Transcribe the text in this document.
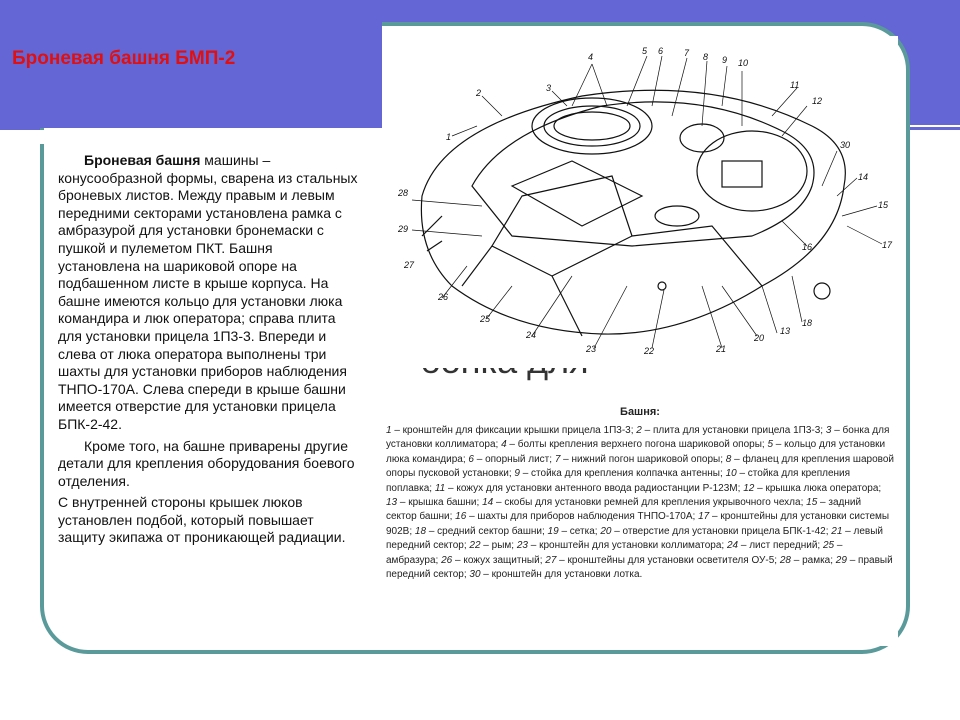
Броневая башня БМП-2

Броневая башня машины – конусообразной формы, сварена из стальных броневых листов. Между правым и левым передними секторами установлена рамка с амбразурой для установки бронемаски с пушкой и пулеметом ПКТ. Башня установлена на шариковой опоре на подбашенном листе в крыше корпуса. На башне имеются кольцо для установки люка командира и люк оператора; справа плита для установки прицела 1П3-3. Впереди и слева от люка оператора выполнены три шахты для установки приборов наблюдения ТНПО-170А. Слева спереди в крыше башни имеется отверстие для установки прицела БПК-2-42.

Кроме того, на башне приварены другие детали для крепления оборудования боевого отделения.

С внутренней стороны крышек люков установлен подбой, который повышает защиту экипажа от проникающей радиации.

1
2	3
4
5 6 7 8 9 10
11
12
13
14
15
16	17
18
20
21
22
23
24
25
26
27
28
29
30
Башня:
1 – кронштейн для фиксации крышки прицела 1П3-3; 2 – плита для установки прицела 1П3-3; 3 – бонка для установки коллиматора; 4 – болты крепления верхнего погона шариковой опоры; 5 – кольцо для установки люка командира; 6 – опорный лист; 7 – нижний погон шариковой опоры; 8 – фланец для крепления шаровой опоры пусковой установки; 9 – стойка для крепления колпачка антенны; 10 – стойка для крепления поплавка; 11 – кожух для установки антенного ввода радиостанции Р-123М; 12 – крышка люка оператора; 13 – крышка башни; 14 – скобы для установки ремней для крепления укрывочного чехла; 15 – задний сектор башни; 16 – шахты для приборов наблюдения ТНПО-170А; 17 – кронштейны для установки системы 902В; 18 – средний сектор башни; 19 – сетка; 20 – отверстие для установки прицела БПК-1-42; 21 – левый передний сектор; 22 – рым; 23 – кронштейн для установки коллиматора; 24 – лист передний; 25 – амбразура; 26 – кожух защитный; 27 – кронштейны для установки осветителя ОУ-5; 28 – рамка; 29 – правый передний сектор; 30 – кронштейн для установки лотка.
